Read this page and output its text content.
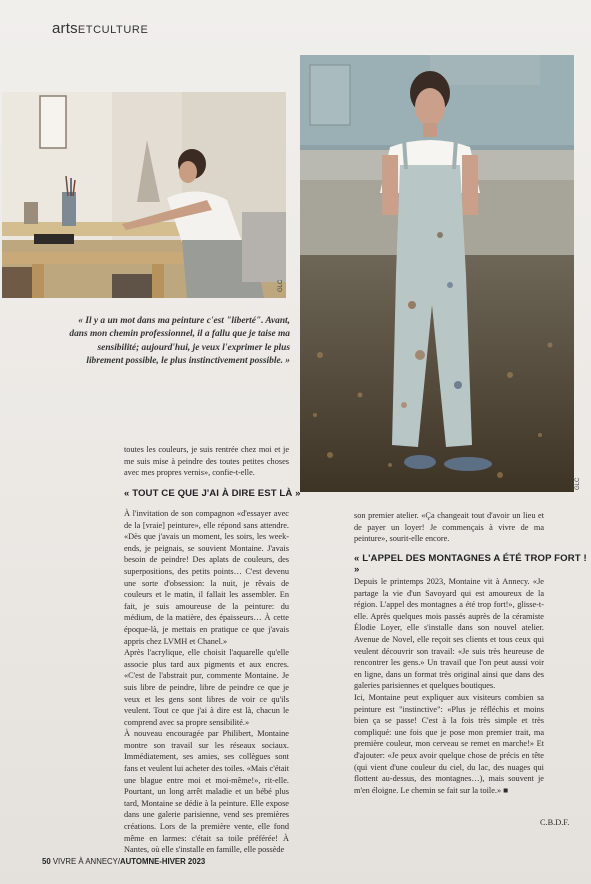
artsETCULTURE
GLC
GLC

« Il y a un mot dans ma peinture c'est "liberté". Avant, dans mon chemin professionnel, il a fallu que je taise ma sensibilité; aujourd'hui, je veux l'exprimer le plus librement possible, le plus instinctivement possible. »

toutes les couleurs, je suis rentrée chez moi et je me suis mise à peindre des toutes petites choses avec mes propres vernis», confie-t-elle.

« TOUT CE QUE J'AI À DIRE EST LÀ »

À l'invitation de son compagnon «d'essayer avec de la [vraie] peinture», elle répond sans attendre. «Dès que j'avais un moment, les soirs, les week-ends, je peignais, se souvient Montaine. J'avais besoin de peindre! Des aplats de couleurs, des superpositions, des petits points… C'est devenu une sorte d'obsession: la nuit, je rêvais de couleurs et le matin, il fallait les assembler. En fait, je suis amoureuse de la peinture: du médium, de la matière, des épaisseurs… À cette époque-là, je mettais en pratique ce que j'avais appris chez LVMH et Chanel.»

Après l'acrylique, elle choisit l'aquarelle qu'elle associe plus tard aux pigments et aux encres. «C'est de l'abstrait pur, commente Montaine. Je suis libre de peindre, libre de peindre ce que je veux et les gens sont libres de voir ce qu'ils veulent. Tout ce que j'ai à dire est là, chacun le comprend avec sa propre sensibilité.»

À nouveau encouragée par Philibert, Montaine montre son travail sur les réseaux sociaux. Immédiatement, ses amies, ses collègues sont fans et veulent lui acheter des toiles. «Mais c'était une blague entre moi et moi-même!», rit-elle. Pourtant, un long arrêt maladie et un bébé plus tard, Montaine se dédie à la peinture. Elle expose dans une galerie parisienne, vend ses premières créations. Lors de la première vente, elle fond même en larmes: c'était sa toile préférée! À Nantes, où elle s'installe en famille, elle possède

son premier atelier. «Ça changeait tout d'avoir un lieu et de payer un loyer! Je commençais à vivre de ma peinture», sourit-elle encore.

« L'APPEL DES MONTAGNES A ÉTÉ TROP FORT ! »

Depuis le printemps 2023, Montaine vit à Annecy. «Je partage la vie d'un Savoyard qui est amoureux de la région. L'appel des montagnes a été trop fort!», glisse-t-elle. Après quelques mois passés auprès de la céramiste Élodie Loyer, elle s'installe dans son nouvel atelier. Avenue de Novel, elle reçoit ses clients et tous ceux qui veulent découvrir son travail: «Je suis très heureuse de rencontrer les gens.» Un travail que l'on peut aussi voir en ligne, dans un format très original ainsi que dans des galeries parisiennes et quelques boutiques.

Ici, Montaine peut expliquer aux visiteurs combien sa peinture est "instinctive": «Plus je réfléchis et moins bien ça se passe! C'est à la fois très simple et très compliqué: une fois que je pose mon premier trait, ma première couleur, mon cerveau se remet en marche!» Et d'ajouter: «Je peux avoir quelque chose de précis en tête (qui vient d'une couleur du ciel, du lac, des nuages qui flottent au-dessus, des montagnes…), mais souvent je m'en éloigne. Le chemin se fait sur la toile.» ■

C.B.D.F.
50 VIVRE À ANNECY/AUTOMNE-HIVER 2023
